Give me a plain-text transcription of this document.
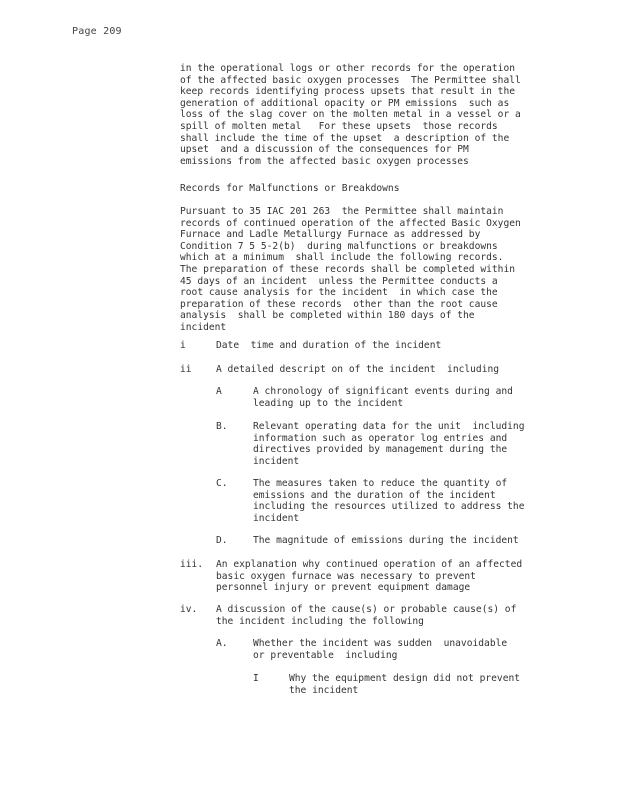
Page 209
in the operational logs or other records for the operation
of the affected basic oxygen processes  The Permittee shall
keep records identifying process upsets that result in the
generation of additional opacity or PM emissions  such as
loss of the slag cover on the molten metal in a vessel or a
spill of molten metal   For these upsets  those records
shall include the time of the upset  a description of the
upset  and a discussion of the consequences for PM
emissions from the affected basic oxygen processes
Records for Malfunctions or Breakdowns
Pursuant to 35 IAC 201 263  the Permittee shall maintain
records of continued operation of the affected Basic Oxygen
Furnace and Ladle Metallurgy Furnace as addressed by
Condition 7 5 5-2(b)  during malfunctions or breakdowns
which at a minimum  shall include the following records.
The preparation of these records shall be completed within
45 days of an incident  unless the Permittee conducts a
root cause analysis for the incident  in which case the
preparation of these records  other than the root cause
analysis  shall be completed within 180 days of the
incident
i	Date  time and duration of the incident
ii	A detailed descript on of the incident  including
A	A chronology of significant events during and
leading up to the incident
B.	Relevant operating data for the unit  including
information such as operator log entries and
directives provided by management during the
incident
C.	The measures taken to reduce the quantity of
emissions and the duration of the incident
including the resources utilized to address the
incident
D.	The magnitude of emissions during the incident
iii. An explanation why continued operation of an affected
basic oxygen furnace was necessary to prevent
personnel injury or prevent equipment damage
iv. A discussion of the cause(s) or probable cause(s) of
the incident including the following
A.	Whether the incident was sudden  unavoidable
or preventable  including
I	Why the equipment design did not prevent
the incident
